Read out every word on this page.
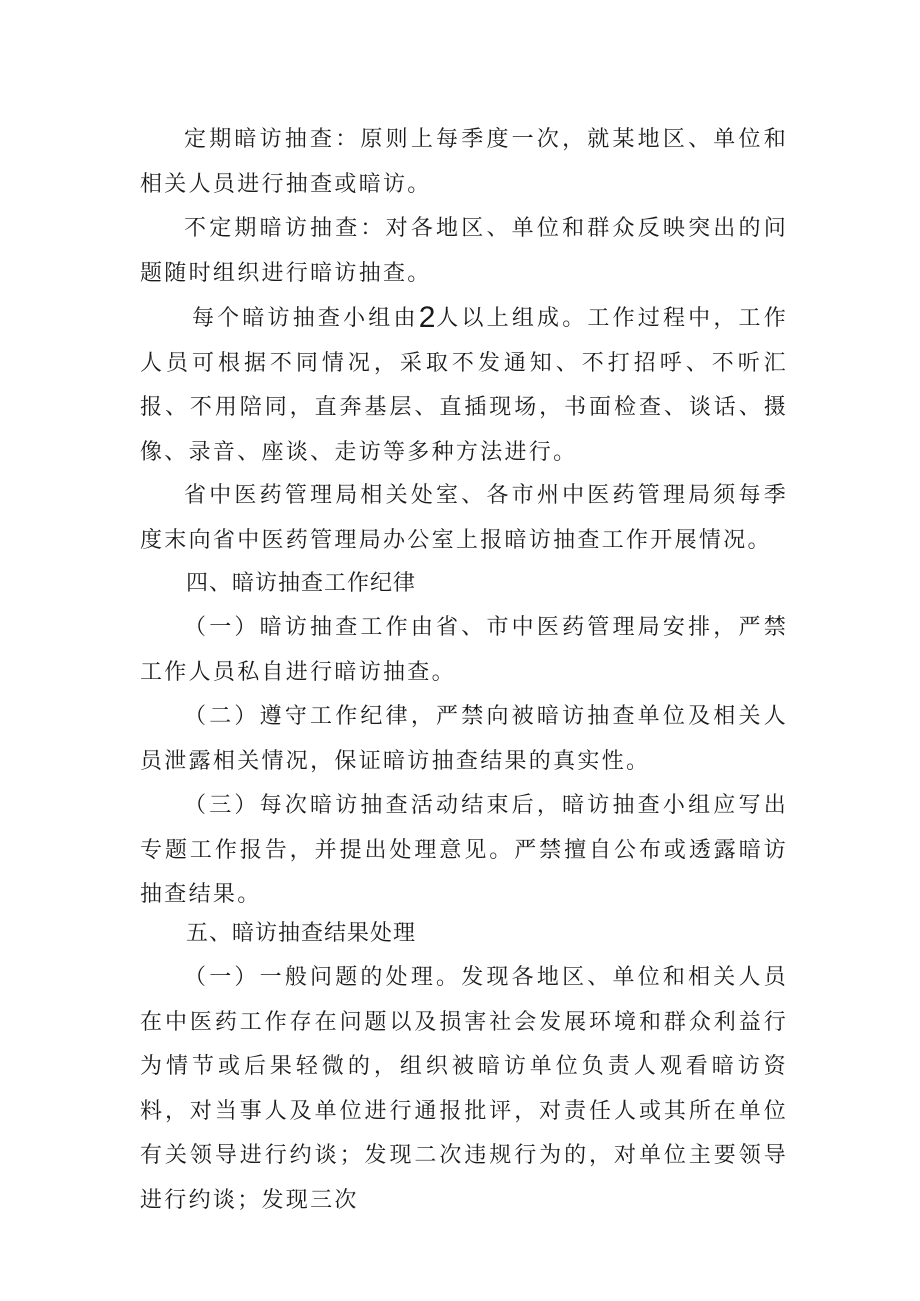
定期暗访抽查：原则上每季度一次，就某地区、单位和相关人员进行抽查或暗访。

不定期暗访抽查：对各地区、单位和群众反映突出的问题随时组织进行暗访抽查。

每个暗访抽查小组由2人以上组成。工作过程中，工作人员可根据不同情况，采取不发通知、不打招呼、不听汇报、不用陪同，直奔基层、直插现场，书面检查、谈话、摄像、录音、座谈、走访等多种方法进行。

省中医药管理局相关处室、各市州中医药管理局须每季度末向省中医药管理局办公室上报暗访抽查工作开展情况。

四、暗访抽查工作纪律

（一）暗访抽查工作由省、市中医药管理局安排，严禁工作人员私自进行暗访抽查。

（二）遵守工作纪律，严禁向被暗访抽查单位及相关人员泄露相关情况，保证暗访抽查结果的真实性。

（三）每次暗访抽查活动结束后，暗访抽查小组应写出专题工作报告，并提出处理意见。严禁擅自公布或透露暗访抽查结果。

五、暗访抽查结果处理

（一）一般问题的处理。发现各地区、单位和相关人员在中医药工作存在问题以及损害社会发展环境和群众利益行为情节或后果轻微的，组织被暗访单位负责人观看暗访资料，对当事人及单位进行通报批评，对责任人或其所在单位有关领导进行约谈；发现二次违规行为的，对单位主要领导进行约谈；发现三次
